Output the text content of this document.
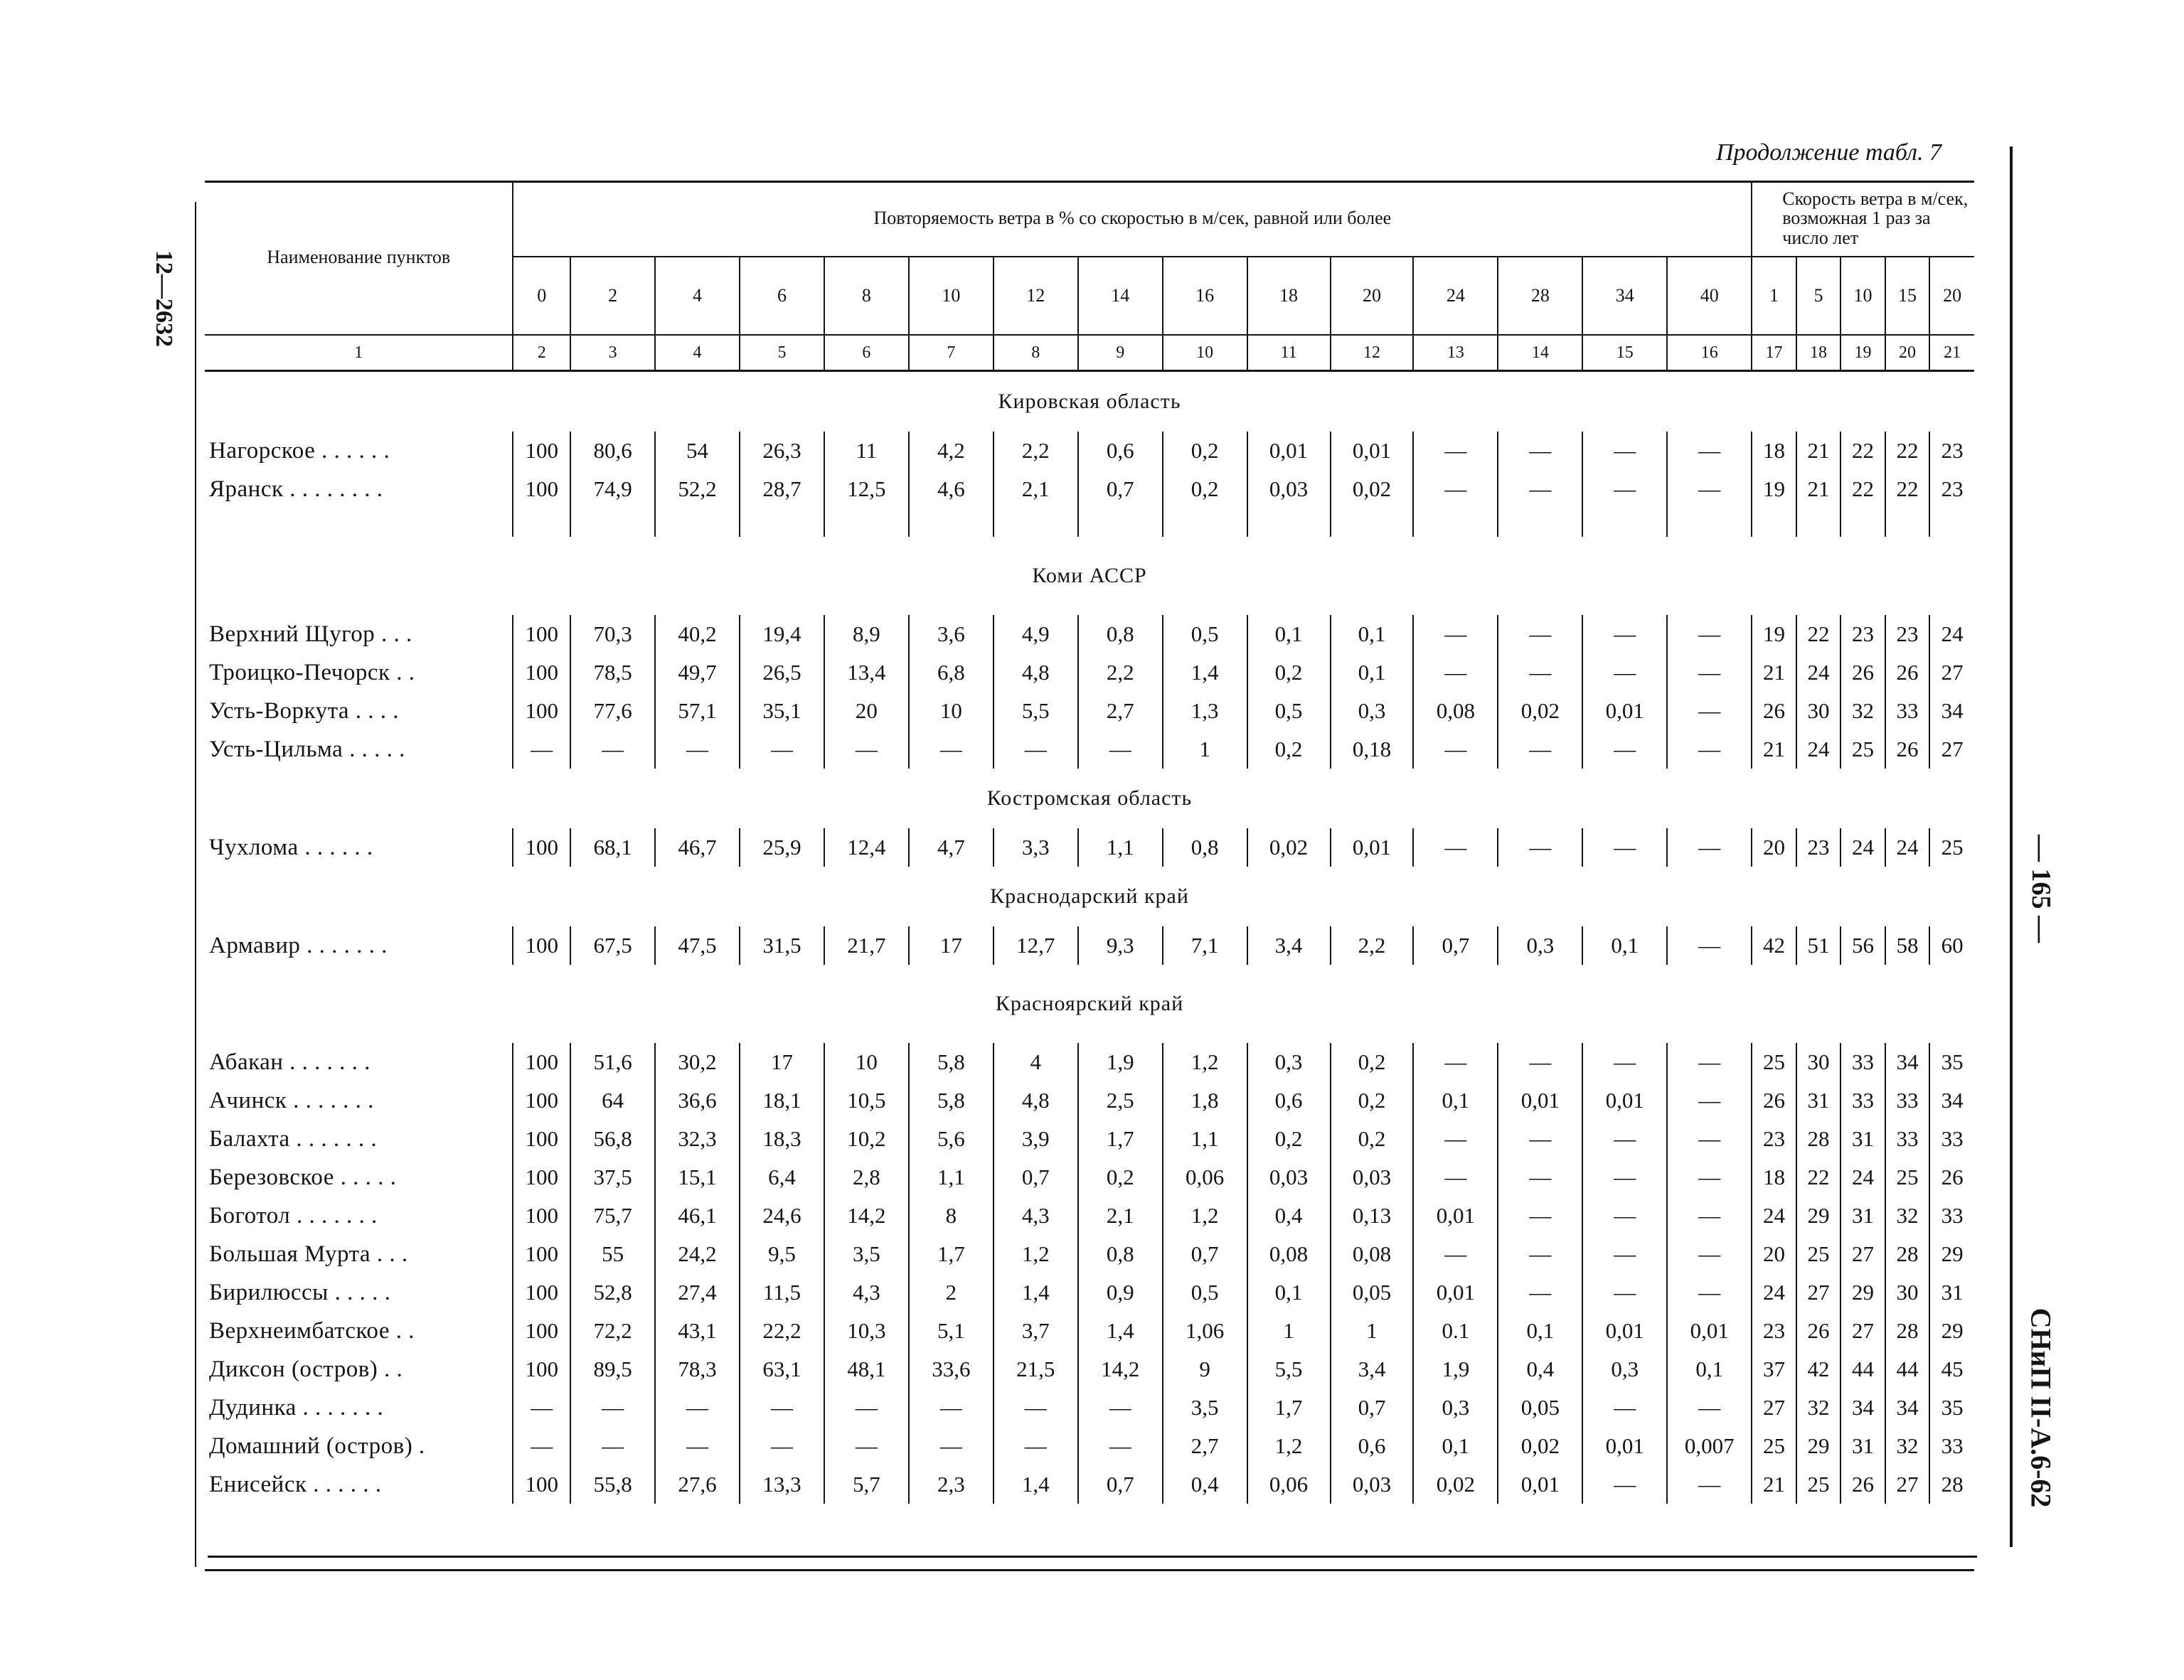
Продолжение табл. 7
12—2632
— 165 —
СНиП II-A.6-62
Наименование пунктов	Повторяемость ветра в % со скоростью в м/сек, равной или более															Скорость ветра в м/сек, возможная 1 раз за число лет				
	0	2	4	6	8	10	12	14	16	18	20	24	28	34	40	1	5	10	15	20
1	2	3	4	5	6	7	8	9	10	11	12	13	14	15	16	17	18	19	20	21
Кировская область																				
Нагорское . . . . . .	100	80,6	54	26,3	11	4,2	2,2	0,6	0,2	0,01	0,01	—	—	—	—	18	21	22	22	23
Яранск . . . . . . . .	100	74,9	52,2	28,7	12,5	4,6	2,1	0,7	0,2	0,03	0,02	—	—	—	—	19	21	22	22	23

Коми АССР																				
Верхний Щугор . . .	100	70,3	40,2	19,4	8,9	3,6	4,9	0,8	0,5	0,1	0,1	—	—	—	—	19	22	23	23	24
Троицко-Печорск . .	100	78,5	49,7	26,5	13,4	6,8	4,8	2,2	1,4	0,2	0,1	—	—	—	—	21	24	26	26	27
Усть-Воркута . . . .	100	77,6	57,1	35,1	20	10	5,5	2,7	1,3	0,5	0,3	0,08	0,02	0,01	—	26	30	32	33	34
Усть-Цильма . . . . .	—	—	—	—	—	—	—	—	1	0,2	0,18	—	—	—	—	21	24	25	26	27
Костромская область																				
Чухлома . . . . . .	100	68,1	46,7	25,9	12,4	4,7	3,3	1,1	0,8	0,02	0,01	—	—	—	—	20	23	24	24	25
Краснодарский край																				
Армавир . . . . . . .	100	67,5	47,5	31,5	21,7	17	12,7	9,3	7,1	3,4	2,2	0,7	0,3	0,1	—	42	51	56	58	60
Красноярский край																				
Абакан . . . . . . .	100	51,6	30,2	17	10	5,8	4	1,9	1,2	0,3	0,2	—	—	—	—	25	30	33	34	35
Ачинск . . . . . . .	100	64	36,6	18,1	10,5	5,8	4,8	2,5	1,8	0,6	0,2	0,1	0,01	0,01	—	26	31	33	33	34
Балахта . . . . . . .	100	56,8	32,3	18,3	10,2	5,6	3,9	1,7	1,1	0,2	0,2	—	—	—	—	23	28	31	33	33
Березовское . . . . .	100	37,5	15,1	6,4	2,8	1,1	0,7	0,2	0,06	0,03	0,03	—	—	—	—	18	22	24	25	26
Боготол . . . . . . .	100	75,7	46,1	24,6	14,2	8	4,3	2,1	1,2	0,4	0,13	0,01	—	—	—	24	29	31	32	33
Большая Мурта . . .	100	55	24,2	9,5	3,5	1,7	1,2	0,8	0,7	0,08	0,08	—	—	—	—	20	25	27	28	29
Бирилюссы . . . . .	100	52,8	27,4	11,5	4,3	2	1,4	0,9	0,5	0,1	0,05	0,01	—	—	—	24	27	29	30	31
Верхнеимбатское . .	100	72,2	43,1	22,2	10,3	5,1	3,7	1,4	1,06	1	1	0.1	0,1	0,01	0,01	23	26	27	28	29
Диксон (остров) . .	100	89,5	78,3	63,1	48,1	33,6	21,5	14,2	9	5,5	3,4	1,9	0,4	0,3	0,1	37	42	44	44	45
Дудинка . . . . . . .	—	—	—	—	—	—	—	—	3,5	1,7	0,7	0,3	0,05	—	—	27	32	34	34	35
Домашний (остров) .	—	—	—	—	—	—	—	—	2,7	1,2	0,6	0,1	0,02	0,01	0,007	25	29	31	32	33
Енисейск . . . . . .	100	55,8	27,6	13,3	5,7	2,3	1,4	0,7	0,4	0,06	0,03	0,02	0,01	—	—	21	25	26	27	28
